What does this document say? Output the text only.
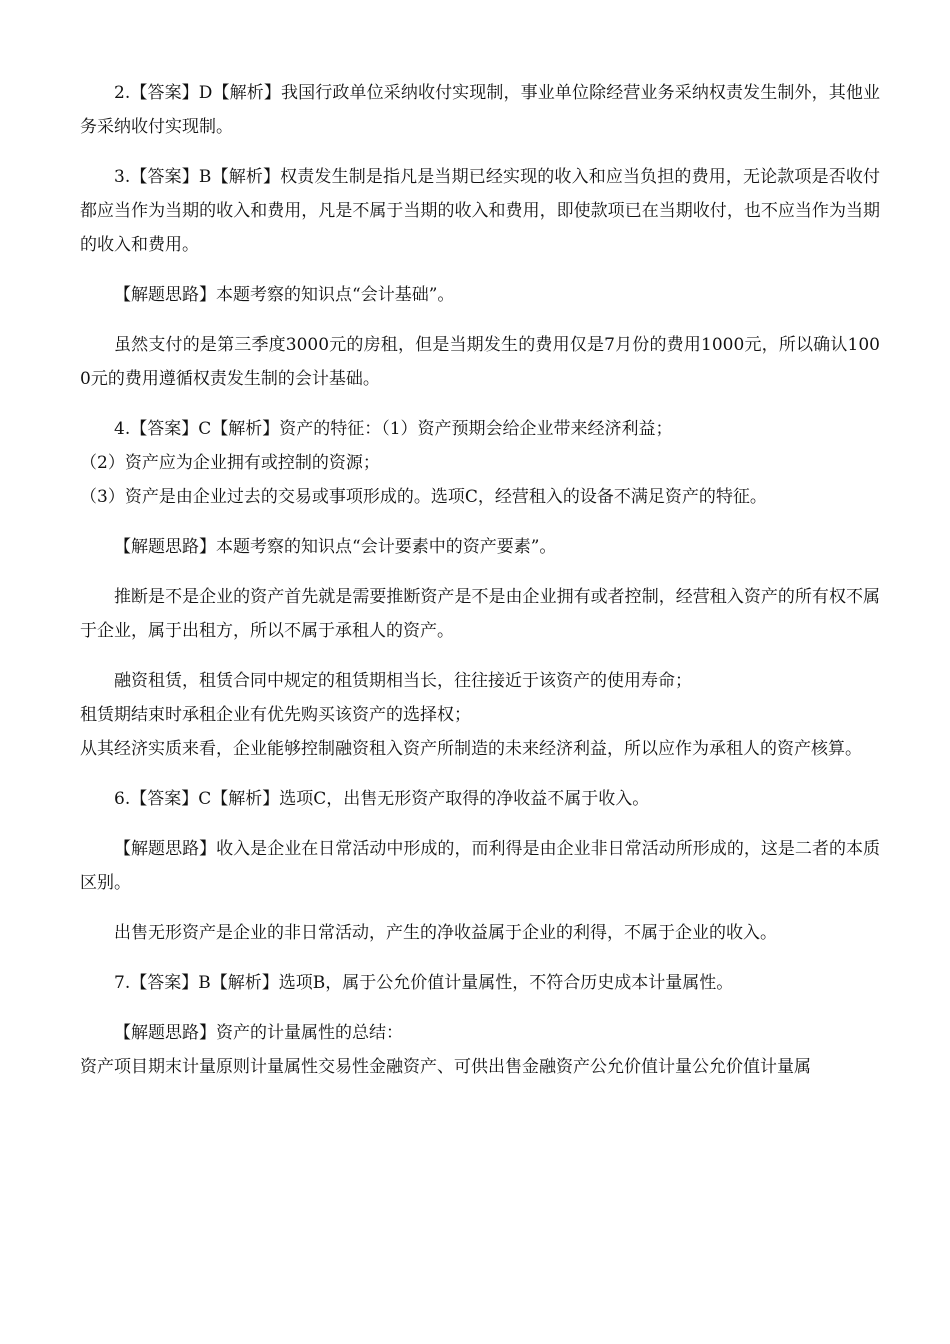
2.【答案】D【解析】我国行政单位采纳收付实现制，事业单位除经营业务采纳权责发生制外，其他业务采纳收付实现制。

3.【答案】B【解析】权责发生制是指凡是当期已经实现的收入和应当负担的费用，无论款项是否收付都应当作为当期的收入和费用，凡是不属于当期的收入和费用，即使款项已在当期收付，也不应当作为当期的收入和费用。

【解题思路】本题考察的知识点“会计基础”。

虽然支付的是第三季度3000元的房租，但是当期发生的费用仅是7月份的费用1000元，所以确认1000元的费用遵循权责发生制的会计基础。

4.【答案】C【解析】资产的特征：（1）资产预期会给企业带来经济利益；

（2）资产应为企业拥有或控制的资源；

（3）资产是由企业过去的交易或事项形成的。选项C，经营租入的设备不满足资产的特征。

【解题思路】本题考察的知识点“会计要素中的资产要素”。

推断是不是企业的资产首先就是需要推断资产是不是由企业拥有或者控制，经营租入资产的所有权不属于企业，属于出租方，所以不属于承租人的资产。

融资租赁，租赁合同中规定的租赁期相当长，往往接近于该资产的使用寿命；

租赁期结束时承租企业有优先购买该资产的选择权；

从其经济实质来看，企业能够控制融资租入资产所制造的未来经济利益，所以应作为承租人的资产核算。

6.【答案】C【解析】选项C，出售无形资产取得的净收益不属于收入。

【解题思路】收入是企业在日常活动中形成的，而利得是由企业非日常活动所形成的，这是二者的本质区别。

出售无形资产是企业的非日常活动，产生的净收益属于企业的利得，不属于企业的收入。

7.【答案】B【解析】选项B，属于公允价值计量属性，不符合历史成本计量属性。

【解题思路】资产的计量属性的总结：

资产项目期末计量原则计量属性交易性金融资产、可供出售金融资产公允价值计量公允价值计量属
